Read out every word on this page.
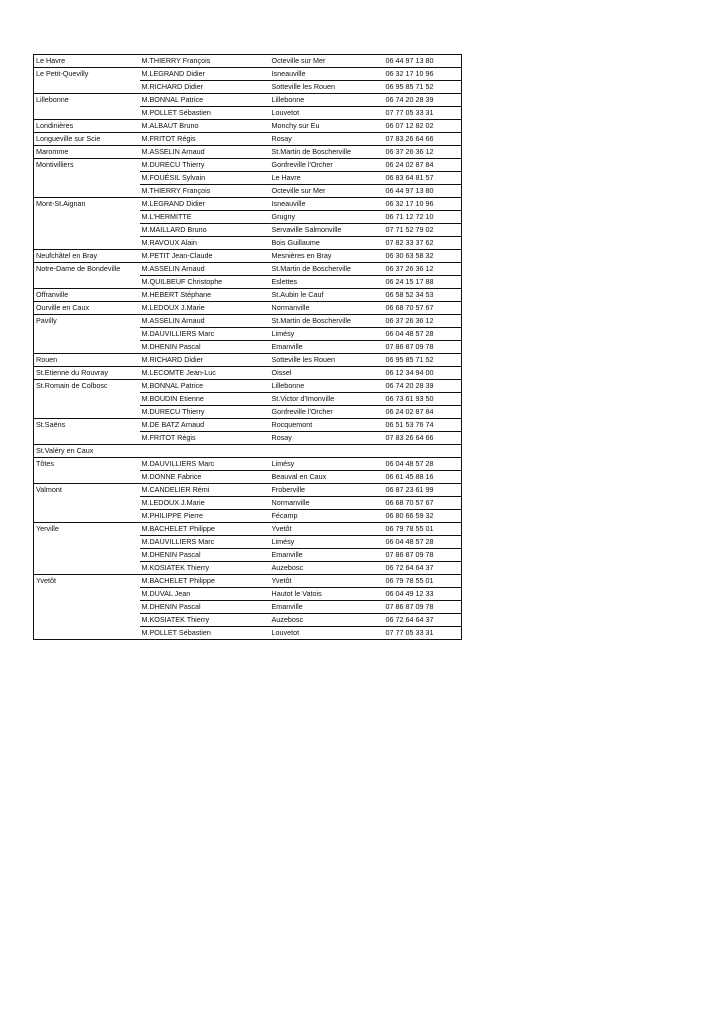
Le Havre	M.THIERRY François	Octeville sur Mer	06 44 97 13 80
Le Petit-Quevilly	M.LEGRAND Didier	Isneauville	06 32 17 10 96
	M.RICHARD Didier	Sotteville les Rouen	06 95 85 71 52
Lillebonne	M.BONNAL Patrice	Lillebonne	06 74 20 28 39
	M.POLLET Sébastien	Louvetot	07 77 05 33 31
Londinières	M.ALBAUT Bruno	Monchy sur Eu	06 07 12 82 02
Longueville sur Scie	M.FRITOT Régis	Rosay	07 83 26 64 66
Maromme	M.ASSELIN Arnaud	St.Martin de Boscherville	06 37 26 36 12
Montivilliers	M.DURECU Thierry	Gonfreville l'Orcher	06 24 02 87 84
	M.FOUÉSIL Sylvain	Le Havre	06 83 64 81 57
	M.THIERRY François	Octeville sur Mer	06 44 97 13 80
Mont-St.Aignan	M.LEGRAND Didier	Isneauville	06 32 17 10 96
	M.L'HERMITTE	Grugny	06 71 12 72 10
	M.MAILLARD Bruno	Servaville Salmonville	07 71 52 79 02
	M.RAVOUX Alain	Bois Guillaume	07 82 33 37 62
Neufchâtel en Bray	M.PETIT Jean-Claude	Mesnières en Bray	06 30 63 58 32
Notre-Dame de Bondeville	M.ASSELIN Arnaud	St.Martin de Boscherville	06 37 26 36 12
	M.QUILBEUF Christophe	Eslettes	06 24 15 17 88
Offranville	M.HEBERT Stéphane	St.Aubin le Cauf	06 58 52 34 53
Ourville en Caux	M.LEDOUX J.Marie	Normanville	06 68 70 57 67
Pavilly	M.ASSELIN Arnaud	St.Martin de Boscherville	06 37 26 36 12
	M.DAUVILLIERS Marc	Limésy	06 04 48 57 28
	M.DHENIN Pascal	Emanville	07 86 87 09 78
Rouen	M.RICHARD Didier	Sotteville les Rouen	06 95 85 71 52
St.Etienne du Rouvray	M.LECOMTE Jean-Luc	Oissel	06 12 34 94 00
St.Romain de Colbosc	M.BONNAL Patrice	Lillebonne	06 74 20 28 39
	M.BOUDIN Etienne	St.Victor d'Imonville	06 73 61 93 50
	M.DURECU Thierry	Gonfreville l'Orcher	06 24 02 87 84
St.Saëns	M.DE BATZ Arnaud	Rocquemont	06 51 53 76 74
	M.FRITOT Régis	Rosay	07 83 26 64 66
St.Valéry en Caux			
Tôtes	M.DAUVILLIERS Marc	Limésy	06 04 48 57 28
	M.DONNE Fabrice	Beauval en Caux	06 61 45 88 16
Valmont	M.CANDELIER Rémi	Froberville	06 87 23 61 99
	M.LEDOUX J.Marie	Normanville	06 68 70 57 67
	M.PHILIPPE Pierre	Fécamp	06 80 66 59 32
Yerville	M.BACHELET Philippe	Yvetôt	06 79 78 55 01
	M.DAUVILLIERS Marc	Limésy	06 04 48 57 28
	M.DHENIN Pascal	Emanville	07 86 87 09 78
	M.KOSIATEK Thierry	Auzebosc	06 72 64 64 37
Yvetôt	M.BACHELET Philippe	Yvetôt	06 79 78 55 01
	M.DUVAL Jean	Hautot le Vatois	06 04 49 12 33
	M.DHENIN Pascal	Emanville	07 86 87 09 78
	M.KOSIATEK Thierry	Auzebosc	06 72 64 64 37
	M.POLLET Sébastien	Louvetot	07 77 05 33 31
